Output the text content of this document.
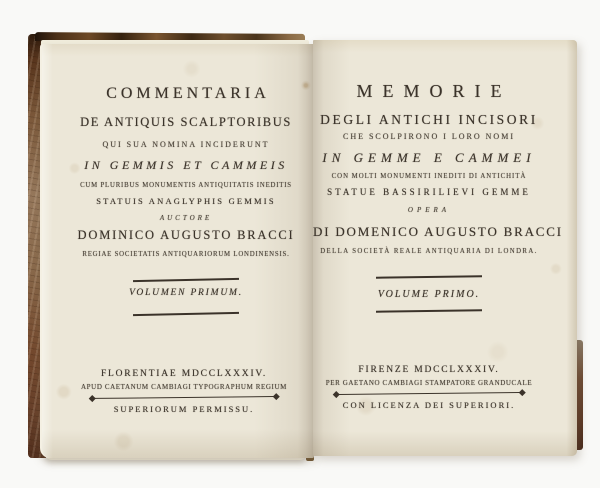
COMMENTARIA
DE ANTIQUIS SCALPTORIBUS
QUI SUA NOMINA INCIDERUNT
IN GEMMIS ET CAMMEIS
CUM PLURIBUS MONUMENTIS ANTIQUITATIS INEDITIS
STATUIS ANAGLYPHIS GEMMIS
AUCTORE
DOMINICO AUGUSTO BRACCI
REGIAE SOCIETATIS ANTIQUARIORUM LONDINENSIS.
VOLUMEN PRIMUM.
FLORENTIAE MDCCLXXXIV.
APUD CAETANUM CAMBIAGI TYPOGRAPHUM REGIUM
SUPERIORUM PERMISSU.
MEMORIE
DEGLI ANTICHI INCISORI
CHE SCOLPIRONO I LORO NOMI
IN GEMME E CAMMEI
CON MOLTI MONUMENTI INEDITI DI ANTICHITÀ
STATUE BASSIRILIEVI GEMME
OPERA
DI DOMENICO AUGUSTO BRACCI
DELLA SOCIETÀ REALE ANTIQUARIA DI LONDRA.
VOLUME PRIMO.
FIRENZE MDCCLXXXIV.
PER GAETANO CAMBIAGI STAMPATORE GRANDUCALE
CON LICENZA DEI SUPERIORI.
